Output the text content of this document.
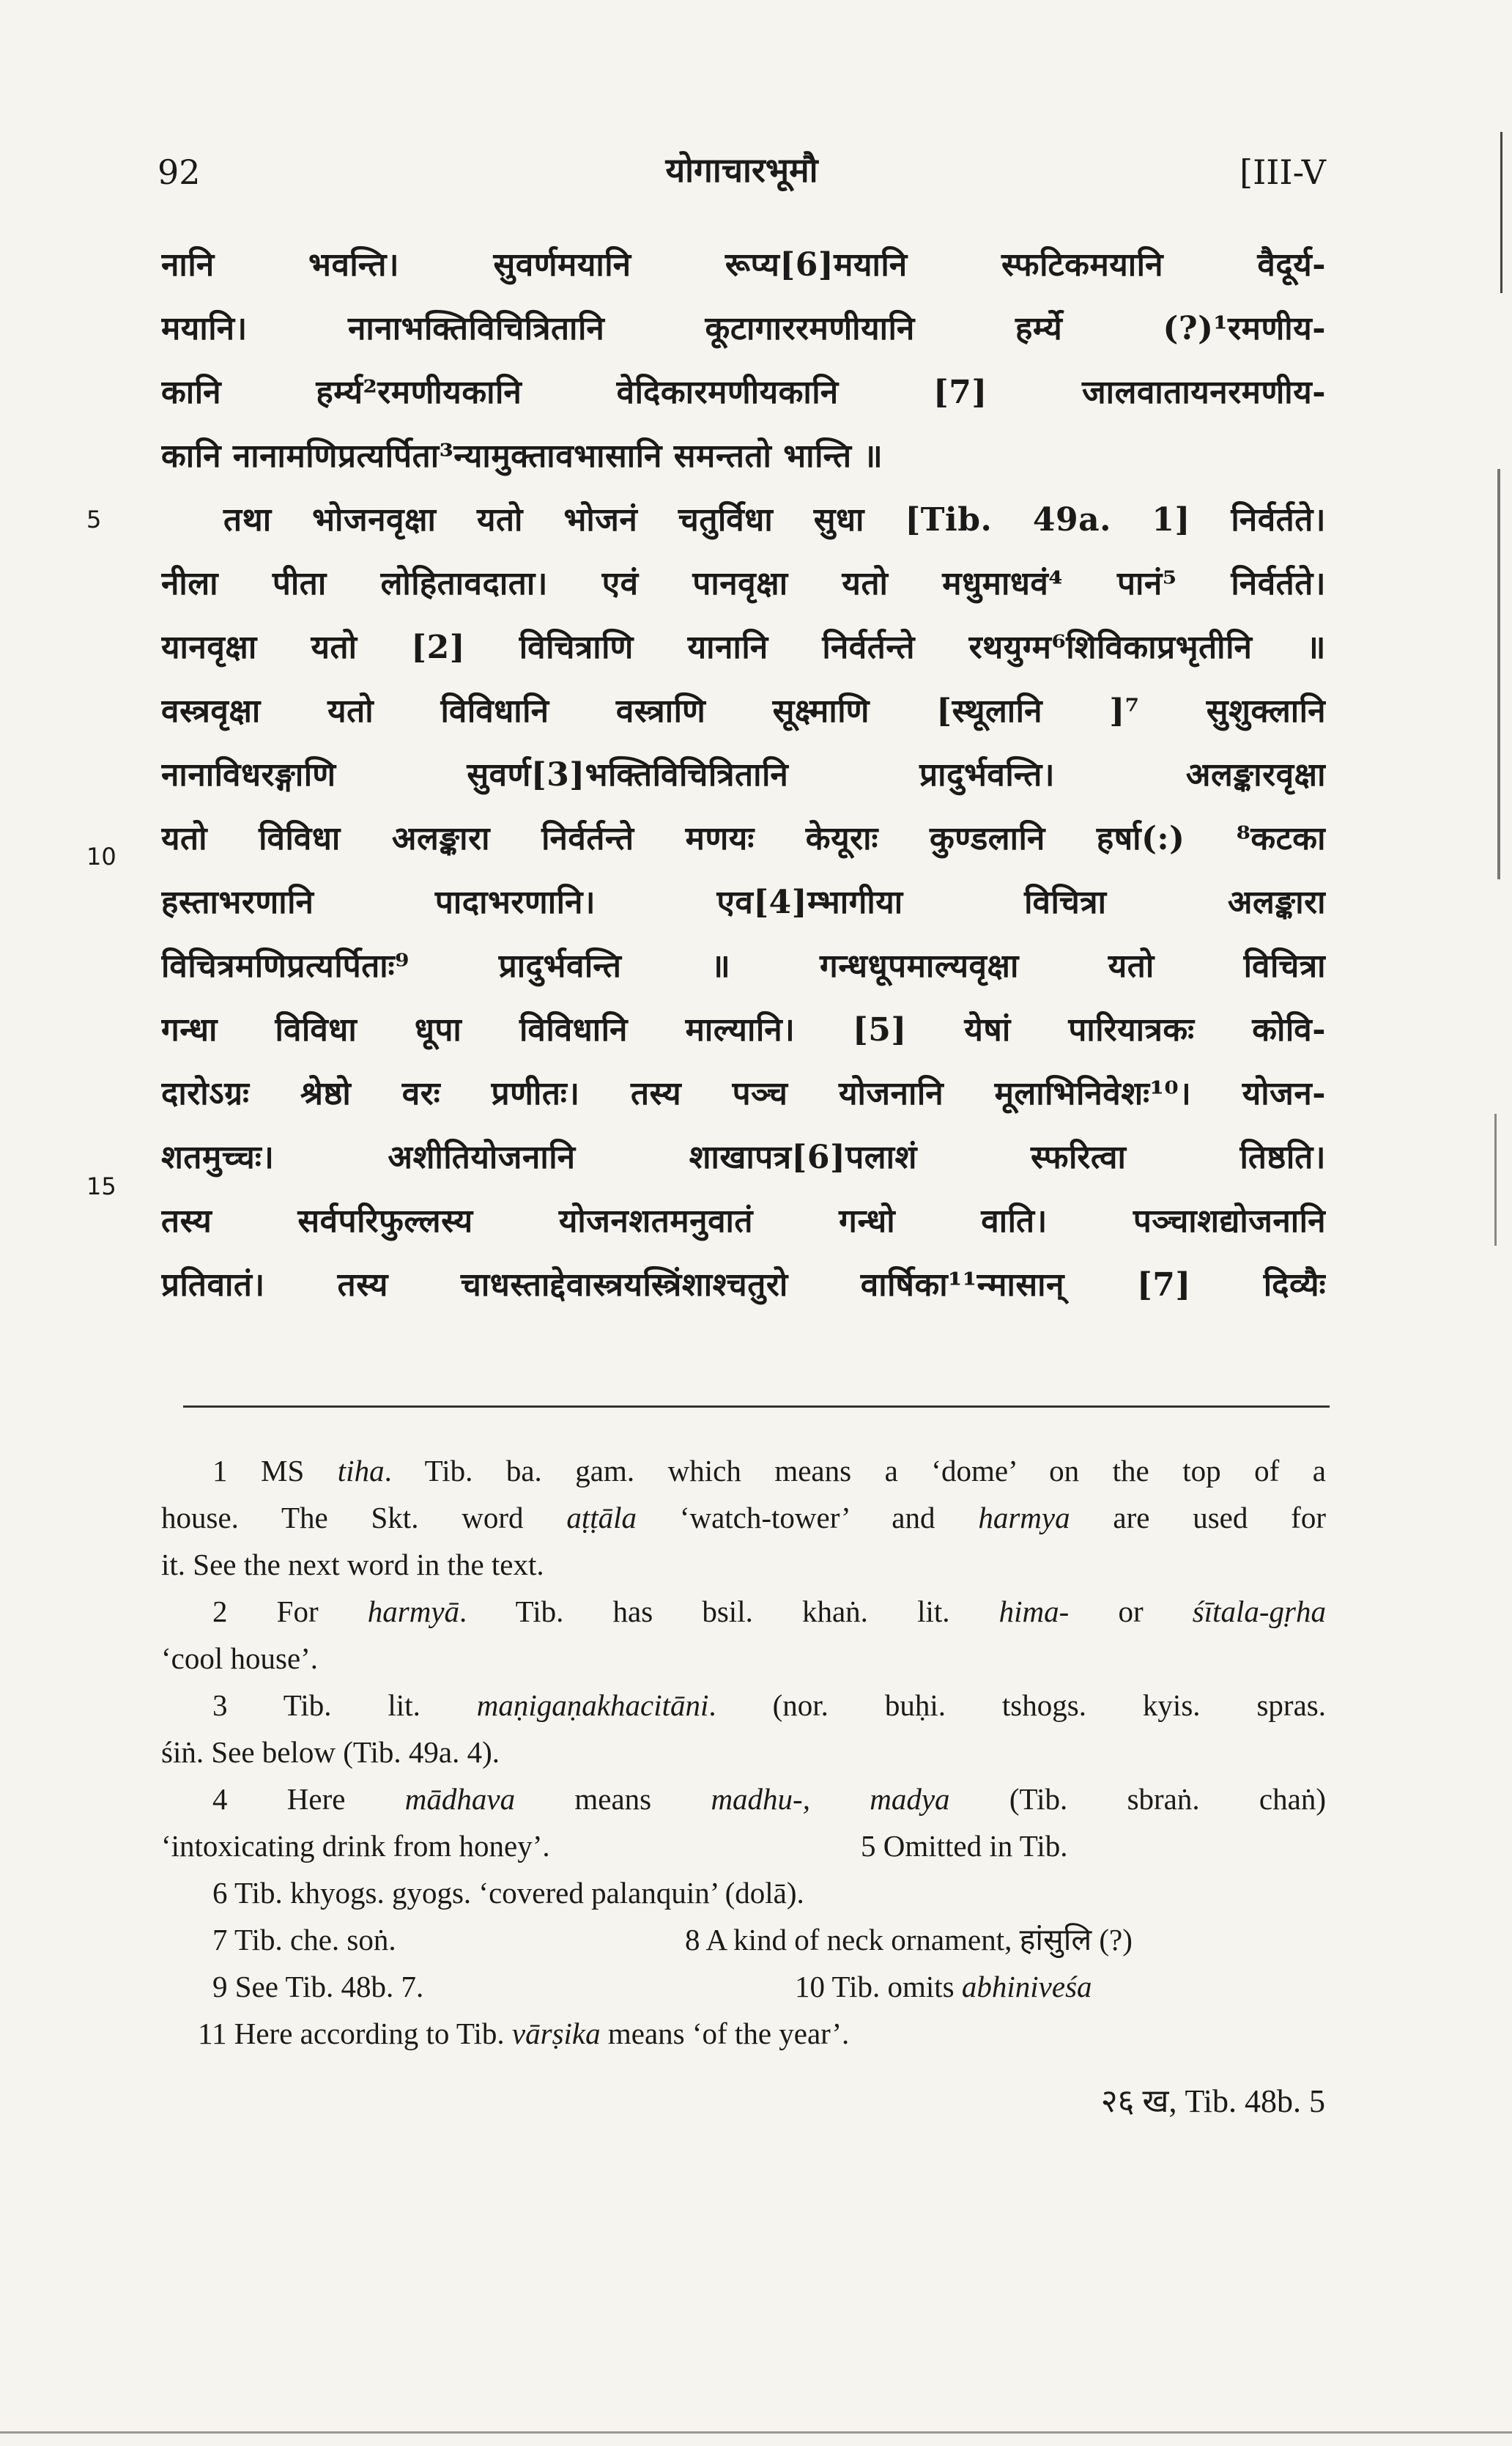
92	योगाचारभूमौ	[III-V
5
10
15
नानि भवन्ति। सुवर्णमयानि रूप्य[6]मयानि स्फटिकमयानि वैदूर्य-
मयानि। नानाभक्तिविचित्रितानि कूटागाररमणीयानि हर्म्ये (?)¹रमणीय-
कानि हर्म्य²रमणीयकानि वेदिकारमणीयकानि [7] जालवातायनरमणीय-
कानि नानामणिप्रत्यर्पिता³न्यामुक्तावभासानि समन्ततो भान्ति ॥
तथा भोजनवृक्षा यतो भोजनं चतुर्विधा सुधा [Tib. 49a. 1] निर्वर्तते।
नीला पीता लोहितावदाता। एवं पानवृक्षा यतो मधुमाधवं⁴ पानं⁵ निर्वर्तते।
यानवृक्षा यतो [2] विचित्राणि यानानि निर्वर्तन्ते रथयुग्म⁶शिविकाप्रभृतीनि ॥
वस्त्रवृक्षा यतो विविधानि वस्त्राणि सूक्ष्माणि [स्थूलानि ]⁷ सुशुक्लानि
नानाविधरङ्गाणि सुवर्ण[3]भक्तिविचित्रितानि प्रादुर्भवन्ति। अलङ्कारवृक्षा
यतो विविधा अलङ्कारा निर्वर्तन्ते मणयः केयूराः कुण्डलानि हर्षा(:) ⁸कटका
हस्ताभरणानि पादाभरणानि। एव[4]म्भागीया विचित्रा अलङ्कारा
विचित्रमणिप्रत्यर्पिताः⁹ प्रादुर्भवन्ति ॥ गन्धधूपमाल्यवृक्षा यतो विचित्रा
गन्धा विविधा धूपा विविधानि माल्यानि। [5] येषां पारियात्रकः कोवि-
दारोऽग्रः श्रेष्ठो वरः प्रणीतः। तस्य पञ्च योजनानि मूलाभिनिवेशः¹⁰। योजन-
शतमुच्चः। अशीतियोजनानि शाखापत्र[6]पलाशं स्फरित्वा तिष्ठति।
तस्य सर्वपरिफुल्लस्य योजनशतमनुवातं गन्धो वाति। पञ्चाशद्योजनानि
प्रतिवातं। तस्य चाधस्ताद्देवास्त्रयस्त्रिंशाश्चतुरो वार्षिका¹¹न्मासान् [7] दिव्यैः
1 MS tiha. Tib. ba. gam. which means a ‘dome’ on the top of a
house. The Skt. word aṭṭāla ‘watch-tower’ and harmya are used for
it. See the next word in the text.
2 For harmyā. Tib. has bsil. khaṅ. lit. hima- or śītala-gṛha
‘cool house’.
3 Tib. lit. maṇigaṇakhacitāni. (nor. buḥi. tshogs. kyis. spras.
śiṅ. See below (Tib. 49a. 4).
4 Here mādhava means madhu-, madya (Tib. sbraṅ. chaṅ)
‘intoxicating drink from honey’.	5 Omitted in Tib.
6 Tib. khyogs. gyogs. ‘covered palanquin’ (dolā).
7 Tib. che. soṅ.	8 A kind of neck ornament, हांसुलि (?)
9 See Tib. 48b. 7.	10 Tib. omits abhiniveśa
11 Here according to Tib. vārṣika means ‘of the year’.
२६ ख, Tib. 48b. 5
